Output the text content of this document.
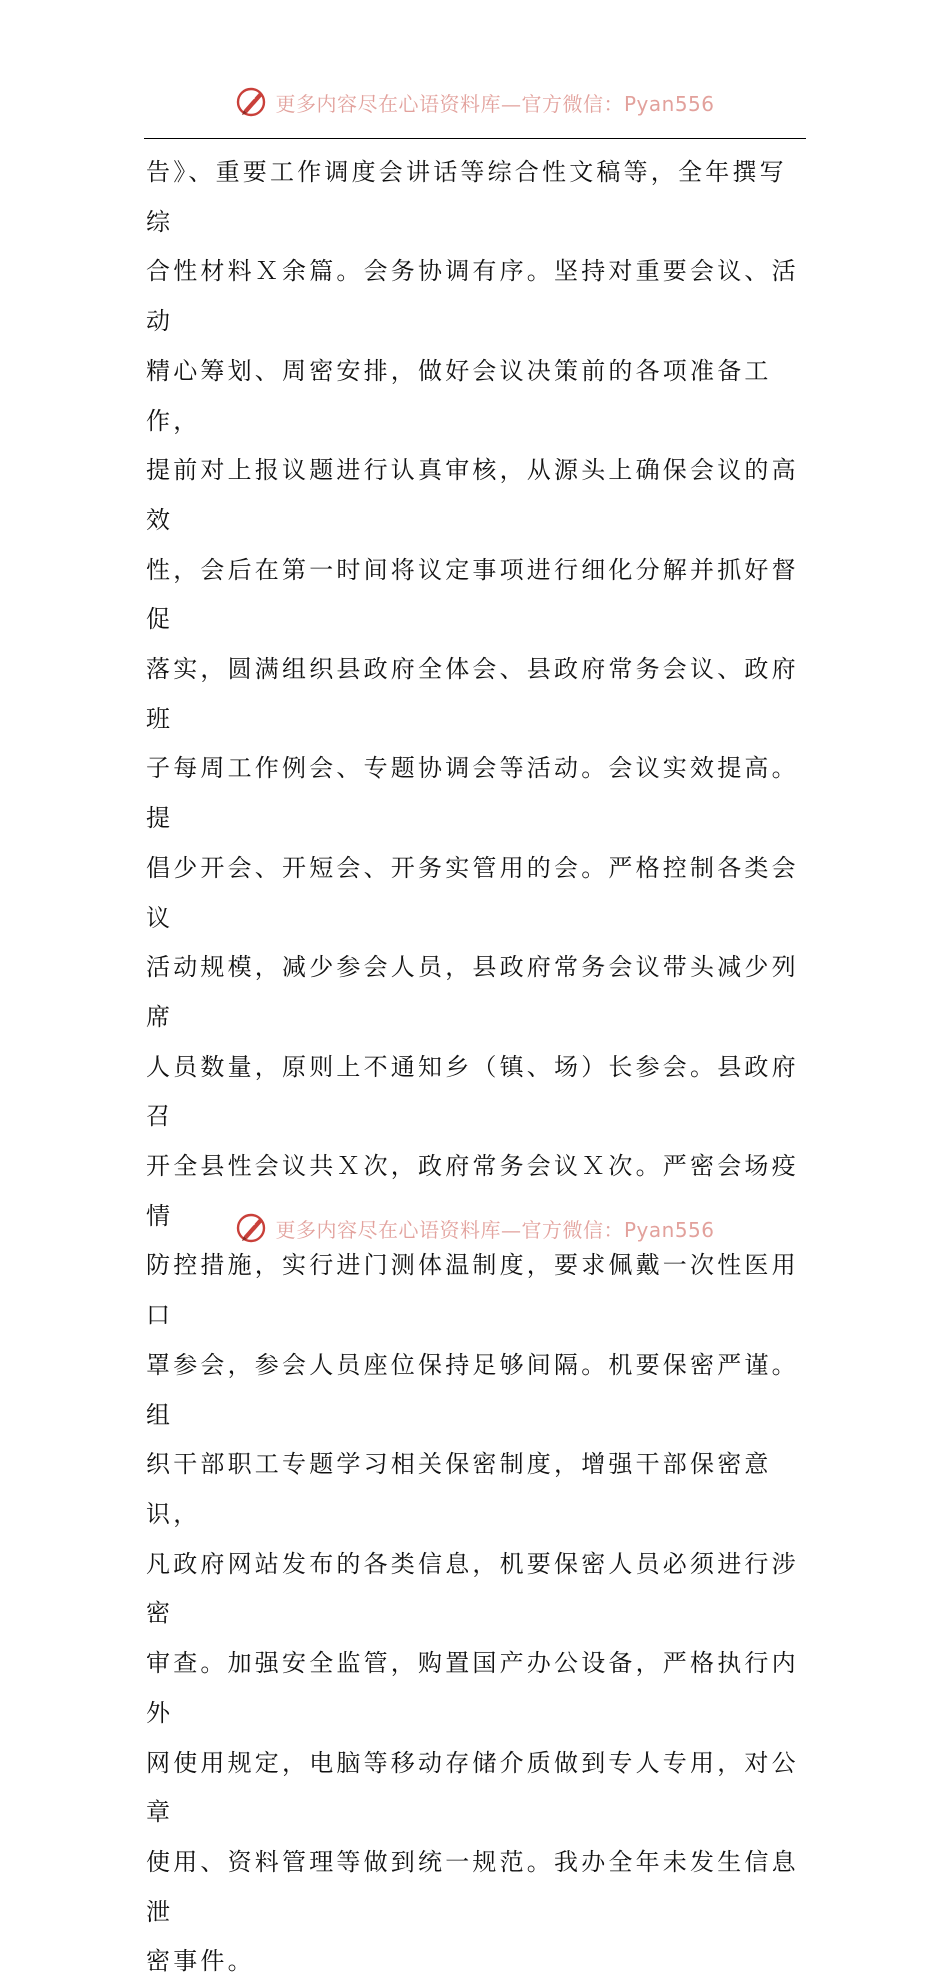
更多内容尽在心语资料库—官方微信：Pyan556

告》、重要工作调度会讲话等综合性文稿等，全年撰写综
合性材料Ｘ余篇。会务协调有序。坚持对重要会议、活动
精心筹划、周密安排，做好会议决策前的各项准备工作，
提前对上报议题进行认真审核，从源头上确保会议的高效
性，会后在第一时间将议定事项进行细化分解并抓好督促
落实，圆满组织县政府全体会、县政府常务会议、政府班
子每周工作例会、专题协调会等活动。会议实效提高。提
倡少开会、开短会、开务实管用的会。严格控制各类会议
活动规模，减少参会人员，县政府常务会议带头减少列席
人员数量，原则上不通知乡（镇、场）长参会。县政府召
开全县性会议共Ｘ次，政府常务会议Ｘ次。严密会场疫情
防控措施，实行进门测体温制度，要求佩戴一次性医用口
罩参会，参会人员座位保持足够间隔。机要保密严谨。组
织干部职工专题学习相关保密制度，增强干部保密意识，
凡政府网站发布的各类信息，机要保密人员必须进行涉密
审查。加强安全监管，购置国产办公设备，严格执行内外
网使用规定，电脑等移动存储介质做到专人专用，对公章
使用、资料管理等做到统一规范。我办全年未发生信息泄
密事件。

更多内容尽在心语资料库—官方微信：Pyan556
